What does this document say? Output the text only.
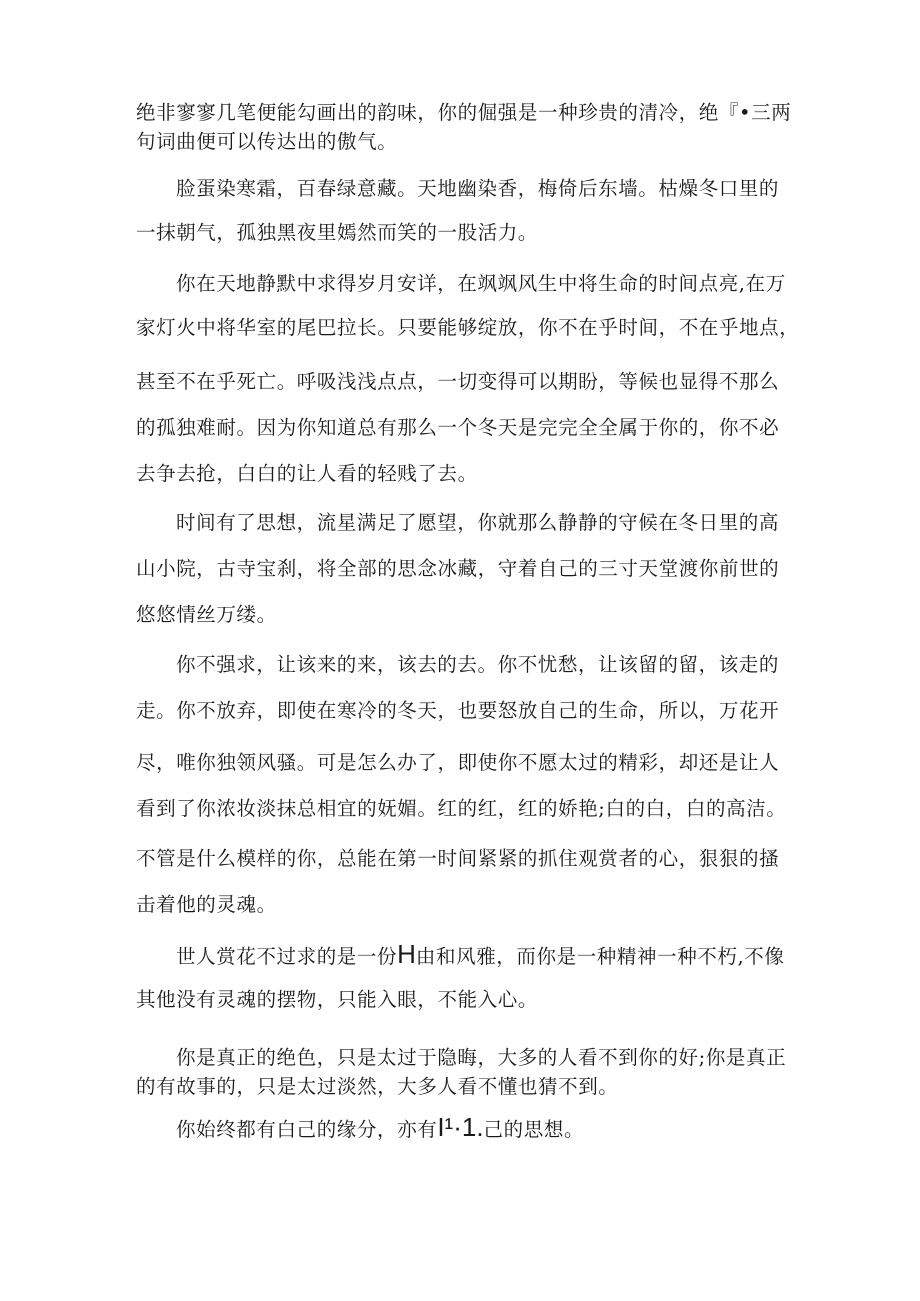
绝非寥寥几笔便能勾画出的韵味，你的倔强是一种珍贵的清冷，绝『•三两
句词曲便可以传达出的傲气。
脸蛋染寒霜，百春绿意藏。天地幽染香，梅倚后东墙。枯燥冬口里的
一抹朝气，孤独黑夜里嫣然而笑的一股活力。
你在天地静默中求得岁月安详，在飒飒风生中将生命的时间点亮,在万
家灯火中将华室的尾巴拉长。只要能够绽放，你不在乎时间，不在乎地点，
甚至不在乎死亡。呼吸浅浅点点，一切变得可以期盼，等候也显得不那么
的孤独难耐。因为你知道总有那么一个冬天是完完全全属于你的，你不必
去争去抢，白白的让人看的轻贱了去。
时间有了思想，流星满足了愿望，你就那么静静的守候在冬日里的高
山小院，古寺宝刹，将全部的思念冰藏，守着自己的三寸天堂渡你前世的
悠悠情丝万缕。
你不强求，让该来的来，该去的去。你不忧愁，让该留的留，该走的
走。你不放弃，即使在寒冷的冬天，也要怒放自己的生命，所以，万花开
尽，唯你独领风骚。可是怎么办了，即使你不愿太过的精彩，却还是让人
看到了你浓妆淡抹总相宜的妩媚。红的红，红的娇艳;白的白，白的高洁。
不管是什么模样的你，总能在第一时间紧紧的抓住观赏者的心，狠狠的搔
击着他的灵魂。
世人赏花不过求的是一份H由和风雅，而你是一种精神一种不朽,不像
其他没有灵魂的摆物，只能入眼，不能入心。
你是真正的绝色，只是太过于隐晦，大多的人看不到你的好;你是真正
的有故事的，只是太过淡然，大多人看不懂也猜不到。
你始终都有白己的缘分，亦有I¹·1.己的思想。
